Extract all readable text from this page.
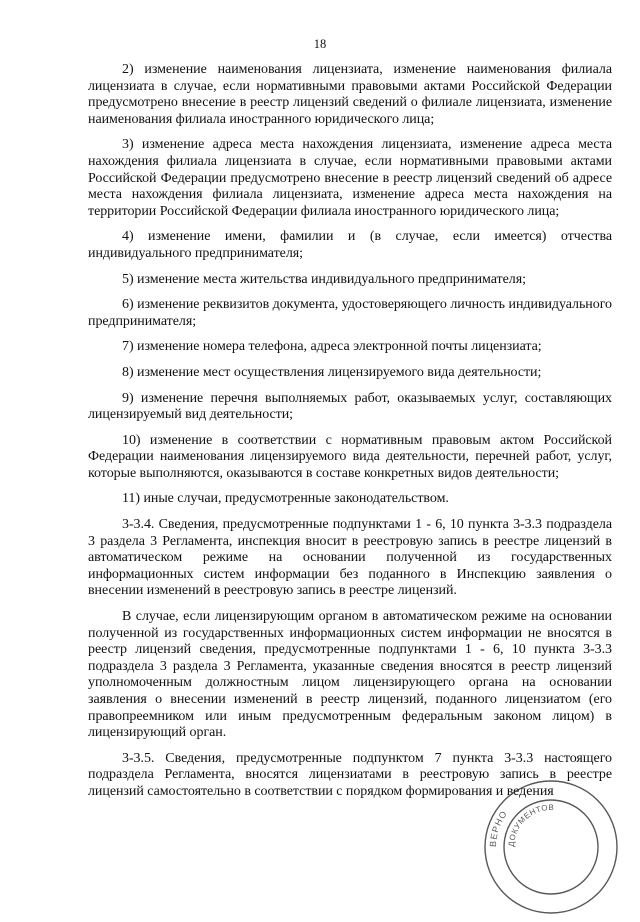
18

2) изменение наименования лицензиата, изменение наименования филиала лицензиата в случае, если нормативными правовыми актами Российской Федерации предусмотрено внесение в реестр лицензий сведений о филиале лицензиата, изменение наименования филиала иностранного юридического лица;

3) изменение адреса места нахождения лицензиата, изменение адреса места нахождения филиала лицензиата в случае, если нормативными правовыми актами Российской Федерации предусмотрено внесение в реестр лицензий сведений об адресе места нахождения филиала лицензиата, изменение адреса места нахождения на территории Российской Федерации филиала иностранного юридического лица;

4) изменение имени, фамилии и (в случае, если имеется) отчества индивидуального предпринимателя;

5) изменение места жительства индивидуального предпринимателя;

6) изменение реквизитов документа, удостоверяющего личность индивидуального предпринимателя;

7) изменение номера телефона, адреса электронной почты лицензиата;

8) изменение мест осуществления лицензируемого вида деятельности;

9) изменение перечня выполняемых работ, оказываемых услуг, составляющих лицензируемый вид деятельности;

10) изменение в соответствии с нормативным правовым актом Российской Федерации наименования лицензируемого вида деятельности, перечней работ, услуг, которые выполняются, оказываются в составе конкретных видов деятельности;

11) иные случаи, предусмотренные законодательством.

3-3.4. Сведения, предусмотренные подпунктами 1 - 6, 10 пункта 3-3.3 подраздела 3 раздела 3 Регламента, инспекция вносит в реестровую запись в реестре лицензий в автоматическом режиме на основании полученной из государственных информационных систем информации без поданного в Инспекцию заявления о внесении изменений в реестровую запись в реестре лицензий.

В случае, если лицензирующим органом в автоматическом режиме на основании полученной из государственных информационных систем информации не вносятся в реестр лицензий сведения, предусмотренные подпунктами 1 - 6, 10 пункта 3-3.3 подраздела 3 раздела 3 Регламента, указанные сведения вносятся в реестр лицензий уполномоченным должностным лицом лицензирующего органа на основании заявления о внесении изменений в реестр лицензий, поданного лицензиатом (его правопреемником или иным предусмотренным федеральным законом лицом) в лицензирующий орган.

3-3.5. Сведения, предусмотренные подпунктом 7 пункта 3-3.3 настоящего подраздела Регламента, вносятся лицензиатами в реестровую запись в реестре лицензий самостоятельно в соответствии с порядком формирования и ведения

ВЕРНО
ДОКУМЕНТОВ
